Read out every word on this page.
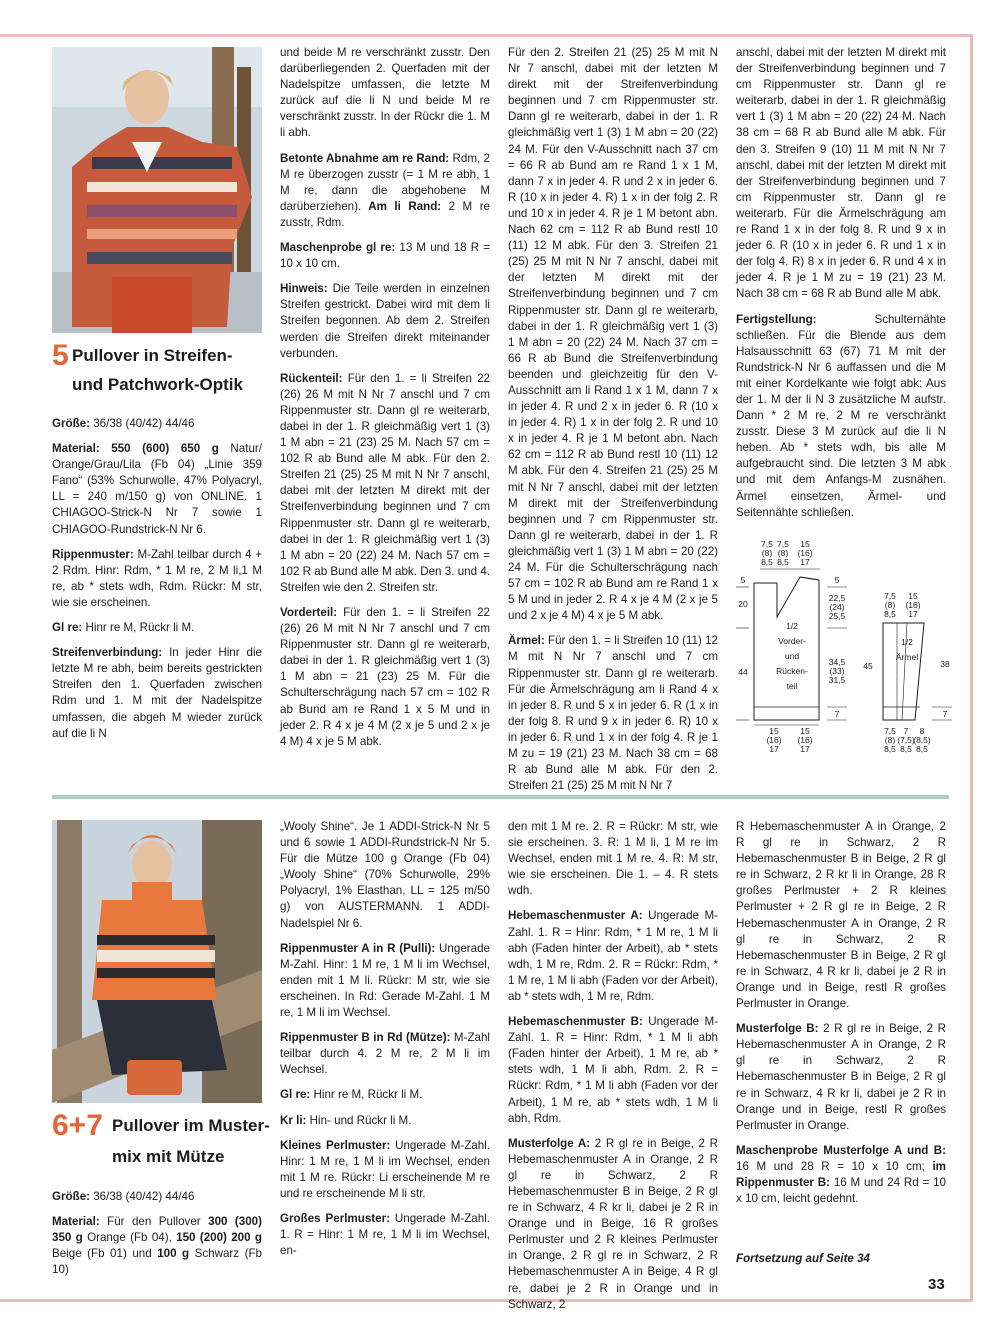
5 Pullover in Streifen-
und Patchwork-Optik

Größe: 36/38 (40/42) 44/46

Material: 550 (600) 650 g Natur/ Orange/Grau/Lila (Fb 04) „Linie 359 Fano“ (53% Schurwolle, 47% Polyacryl, LL = 240 m/150 g) von ONLINE. 1 CHIAGOO-Strick-N Nr 7 sowie 1 CHIAGOO-Rundstrick-N Nr 6.

Rippenmuster: M-Zahl teilbar durch 4 + 2 Rdm. Hinr: Rdm, * 1 M re, 2 M li,1 M re, ab * stets wdh, Rdm. Rückr: M str, wie sie erscheinen.

Gl re: Hinr re M, Rückr li M.

Streifenverbindung: In jeder Hinr die letzte M re abh, beim bereits gestrickten Streifen den 1. Querfaden zwischen Rdm und 1. M mit der Nadelspitze umfassen, die abgeh M wieder zurück auf die li N

und beide M re verschränkt zusstr. Den darüberliegenden 2. Querfaden mit der Nadelspitze umfassen, die letzte M zurück auf die li N und beide M re verschränkt zusstr. In der Rückr die 1. M li abh.

Betonte Abnahme am re Rand: Rdm, 2 M re überzogen zusstr (= 1 M re abh, 1 M re, dann die abgehobene M darüberziehen). Am li Rand: 2 M re zusstr, Rdm.

Maschenprobe gl re: 13 M und 18 R = 10 x 10 cm.

Hinweis: Die Teile werden in einzelnen Streifen gestrickt. Dabei wird mit dem li Streifen begonnen. Ab dem 2. Streifen werden die Streifen direkt miteinander verbunden.

Rückenteil: Für den 1. = li Streifen 22 (26) 26 M mit N Nr 7 anschl und 7 cm Rippenmuster str. Dann gl re weiterarb, dabei in der 1. R gleichmäßig vert 1 (3) 1 M abn = 21 (23) 25 M. Nach 57 cm = 102 R ab Bund alle M abk. Für den 2. Streifen 21 (25) 25 M mit N Nr 7 anschl, dabei mit der letzten M direkt mit der Streifenverbindung beginnen und 7 cm Rippenmuster str. Dann gl re weiterarb, dabei in der 1. R gleichmäßig vert 1 (3) 1 M abn = 20 (22) 24 M. Nach 57 cm = 102 R ab Bund alle M abk. Den 3. und 4. Streifen wie den 2. Streifen str.

Vorderteil: Für den 1. = li Streifen 22 (26) 26 M mit N Nr 7 anschl und 7 cm Rippenmuster str. Dann gl re weiterarb, dabei in der 1. R gleichmäßig vert 1 (3) 1 M abn = 21 (23) 25 M. Für die Schulterschrägung nach 57 cm = 102 R ab Bund am re Rand 1 x 5 M und in jeder 2. R 4 x je 4 M (2 x je 5 und 2 x je 4 M) 4 x je 5 M abk.

Für den 2. Streifen 21 (25) 25 M mit N Nr 7 anschl, dabei mit der letzten M direkt mit der Streifenverbindung beginnen und 7 cm Rippenmuster str. Dann gl re weiterarb, dabei in der 1. R gleichmäßig vert 1 (3) 1 M abn = 20 (22) 24 M. Für den V-Ausschnitt nach 37 cm = 66 R ab Bund am re Rand 1 x 1 M, dann 7 x in jeder 4. R und 2 x in jeder 6. R (10 x in jeder 4. R) 1 x in der folg 2. R und 10 x in jeder 4. R je 1 M betont abn. Nach 62 cm = 112 R ab Bund restl 10 (11) 12 M abk. Für den 3. Streifen 21 (25) 25 M mit N Nr 7 anschl, dabei mit der letzten M direkt mit der Streifenverbindung beginnen und 7 cm Rippenmuster str. Dann gl re weiterarb, dabei in der 1. R gleichmäßig vert 1 (3) 1 M abn = 20 (22) 24 M. Nach 37 cm = 66 R ab Bund die Streifenverbindung beenden und gleichzeitig für den V-Ausschnitt am li Rand 1 x 1 M, dann 7 x in jeder 4. R und 2 x in jeder 6. R (10 x in jeder 4. R) 1 x in der folg 2. R und 10 x in jeder 4. R je 1 M betont abn. Nach 62 cm = 112 R ab Bund restl 10 (11) 12 M abk. Für den 4. Streifen 21 (25) 25 M mit N Nr 7 anschl, dabei mit der letzten M direkt mit der Streifenverbindung beginnen und 7 cm Rippenmuster str. Dann gl re weiterarb, dabei in der 1. R gleichmäßig vert 1 (3) 1 M abn = 20 (22) 24 M. Für die Schulterschrägung nach 57 cm = 102 R ab Bund am re Rand 1 x 5 M und in jeder 2. R 4 x je 4 M (2 x je 5 und 2 x je 4 M) 4 x je 5 M abk.

Ärmel: Für den 1. = li Streifen 10 (11) 12 M mit N Nr 7 anschl und 7 cm Rippenmuster str. Dann gl re weiterarb. Für die Ärmelschrägung am li Rand 4 x in jeder 8. R und 5 x in jeder 6. R (1 x in der folg 8. R und 9 x in jeder 6. R) 10 x in jeder 6. R und 1 x in der folg 4. R je 1 M zu = 19 (21) 23 M. Nach 38 cm = 68 R ab Bund alle M abk. Für den 2. Streifen 21 (25) 25 M mit N Nr 7

anschl, dabei mit der letzten M direkt mit der Streifenverbindung beginnen und 7 cm Rippenmuster str. Dann gl re weiterarb, dabei in der 1. R gleichmäßig vert 1 (3) 1 M abn = 20 (22) 24 M. Nach 38 cm = 68 R ab Bund alle M abk. Für den 3. Streifen 9 (10) 11 M mit N Nr 7 anschl, dabei mit der letzten M direkt mit der Streifenverbindung beginnen und 7 cm Rippenmuster str. Dann gl re weiterarb. Für die Ärmelschrägung am re Rand 1 x in der folg 8. R und 9 x in jeder 6. R (10 x in jeder 6. R und 1 x in der folg 4. R) 8 x in jeder 6. R und 4 x in jeder 4. R je 1 M zu = 19 (21) 23 M. Nach 38 cm = 68 R ab Bund alle M abk.

Fertigstellung: Schulternähte schließen. Für die Blende aus dem Halsausschnitt 63 (67) 71 M mit der Rundstrick-N Nr 6 auffassen und die M mit einer Kordelkante wie folgt abk: Aus der 1. M der li N 3 zusätzliche M aufstr. Dann * 2 M re, 2 M re verschränkt zusstr. Diese 3 M zurück auf die li N heben. Ab * stets wdh, bis alle M aufgebraucht sind. Die letzten 3 M abk und mit dem Anfangs-M zusnähen. Ärmel einsetzen, Ärmel- und Seitennähte schließen.

1/2
Vorder-
und
Rücken-
teil
7,5
(8)
8,5
7,5
(8)
8,5
15
(16)
17
5
20
44
5
22,5
(24)
25,5
34,5
(33)
31,5
7
15
(16)
17
15
(16)
17
1/2
Ärmel
7,5
(8)
8,5
15
(16)
17
45	38
7
7,5
(8)
8,5
7
(7,5)
8,5
8
(8,5)
8,5
6+7 Pullover im Muster-
mix mit Mütze

Größe: 36/38 (40/42) 44/46

Material: Für den Pullover 300 (300) 350 g Orange (Fb 04), 150 (200) 200 g Beige (Fb 01) und 100 g Schwarz (Fb 10)

„Wooly Shine“. Je 1 ADDI-Strick-N Nr 5 und 6 sowie 1 ADDI-Rundstrick-N Nr 5. Für die Mütze 100 g Orange (Fb 04) „Wooly Shine“ (70% Schurwolle, 29% Polyacryl, 1% Elasthan, LL = 125 m/50 g) von AUSTERMANN. 1 ADDI-Nadelspiel Nr 6.

Rippenmuster A in R (Pulli): Ungerade M-Zahl. Hinr: 1 M re, 1 M li im Wechsel, enden mit 1 M li. Rückr: M str, wie sie erscheinen. In Rd: Gerade M-Zahl. 1 M re, 1 M li im Wechsel.

Rippenmuster B in Rd (Mütze): M-Zahl teilbar durch 4. 2 M re, 2 M li im Wechsel.

Gl re: Hinr re M, Rückr li M.

Kr li: Hin- und Rückr li M.

Kleines Perlmuster: Ungerade M-Zahl. Hinr: 1 M re, 1 M li im Wechsel, enden mit 1 M re. Rückr: Li erscheinende M re und re erscheinende M li str.

Großes Perlmuster: Ungerade M-Zahl. 1. R = Hinr: 1 M re, 1 M li im Wechsel, en-

den mit 1 M re. 2. R = Rückr: M str, wie sie erscheinen. 3. R: 1 M li, 1 M re im Wechsel, enden mit 1 M re. 4. R: M str, wie sie erscheinen. Die 1. – 4. R stets wdh.

Hebemaschenmuster A: Ungerade M-Zahl. 1. R = Hinr: Rdm, * 1 M re, 1 M li abh (Faden hinter der Arbeit), ab * stets wdh, 1 M re, Rdm. 2. R = Rückr: Rdm, * 1 M re, 1 M li abh (Faden vor der Arbeit), ab * stets wdh, 1 M re, Rdm.

Hebemaschenmuster B: Ungerade M-Zahl. 1. R = Hinr: Rdm, * 1 M li abh (Faden hinter der Arbeit), 1 M re, ab * stets wdh, 1 M li abh, Rdm. 2. R = Rückr: Rdm, * 1 M li abh (Faden vor der Arbeit), 1 M re, ab * stets wdh, 1 M li abh, Rdm.

Musterfolge A: 2 R gl re in Beige, 2 R Hebemaschenmuster A in Orange, 2 R gl re in Schwarz, 2 R Hebemaschenmuster B in Beige, 2 R gl re in Schwarz, 4 R kr li, dabei je 2 R in Orange und in Beige, 16 R großes Perlmuster und 2 R kleines Perlmuster in Orange, 2 R gl re in Schwarz, 2 R Hebemaschenmuster A in Beige, 4 R gl re, dabei je 2 R in Orange und in Schwarz, 2

R Hebemaschenmuster A in Orange, 2 R gl re in Schwarz, 2 R Hebemaschenmuster B in Beige, 2 R gl re in Schwarz, 2 R kr li in Orange, 28 R großes Perlmuster + 2 R kleines Perlmuster + 2 R gl re in Beige, 2 R Hebemaschenmuster A in Orange, 2 R gl re in Schwarz, 2 R Hebemaschenmuster B in Beige, 2 R gl re in Schwarz, 4 R kr li, dabei je 2 R in Orange und in Beige, restl R großes Perlmuster in Orange.

Musterfolge B: 2 R gl re in Beige, 2 R Hebemaschenmuster A in Orange, 2 R gl re in Schwarz, 2 R Hebemaschenmuster B in Beige, 2 R gl re in Schwarz, 4 R kr li, dabei je 2 R in Orange und in Beige, restl R großes Perlmuster in Orange.

Maschenprobe Musterfolge A und B: 16 M und 28 R = 10 x 10 cm; im Rippenmuster B: 16 M und 24 Rd = 10 x 10 cm, leicht gedehnt.

Fortsetzung auf Seite 34
33
